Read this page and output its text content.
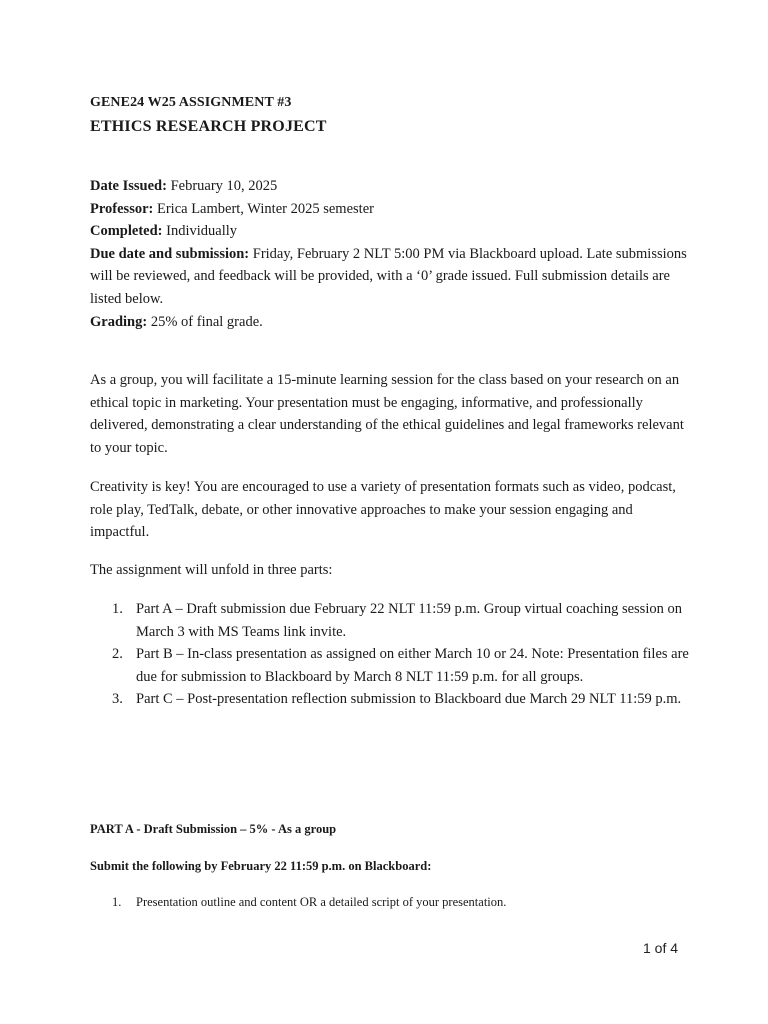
GENE24 W25 ASSIGNMENT #3
ETHICS RESEARCH PROJECT
Date Issued: February 10, 2025
Professor: Erica Lambert, Winter 2025 semester
Completed: Individually
Due date and submission: Friday, February 2 NLT 5:00 PM via Blackboard upload. Late submissions will be reviewed, and feedback will be provided, with a ‘0’ grade issued. Full submission details are listed below.
Grading: 25% of final grade.

As a group, you will facilitate a 15-minute learning session for the class based on your research on an ethical topic in marketing. Your presentation must be engaging, informative, and professionally delivered, demonstrating a clear understanding of the ethical guidelines and legal frameworks relevant to your topic.

Creativity is key! You are encouraged to use a variety of presentation formats such as video, podcast, role play, TedTalk, debate, or other innovative approaches to make your session engaging and impactful.

The assignment will unfold in three parts:

1. Part A – Draft submission due February 22 NLT 11:59 p.m. Group virtual coaching session on March 3 with MS Teams link invite.
2. Part B – In-class presentation as assigned on either March 10 or 24. Note: Presentation files are due for submission to Blackboard by March 8 NLT 11:59 p.m. for all groups.
3. Part C – Post-presentation reflection submission to Blackboard due March 29 NLT 11:59 p.m.
PART A - Draft Submission – 5% - As a group
Submit the following by February 22 11:59 p.m. on Blackboard:
1. Presentation outline and content OR a detailed script of your presentation.
1 of 4
